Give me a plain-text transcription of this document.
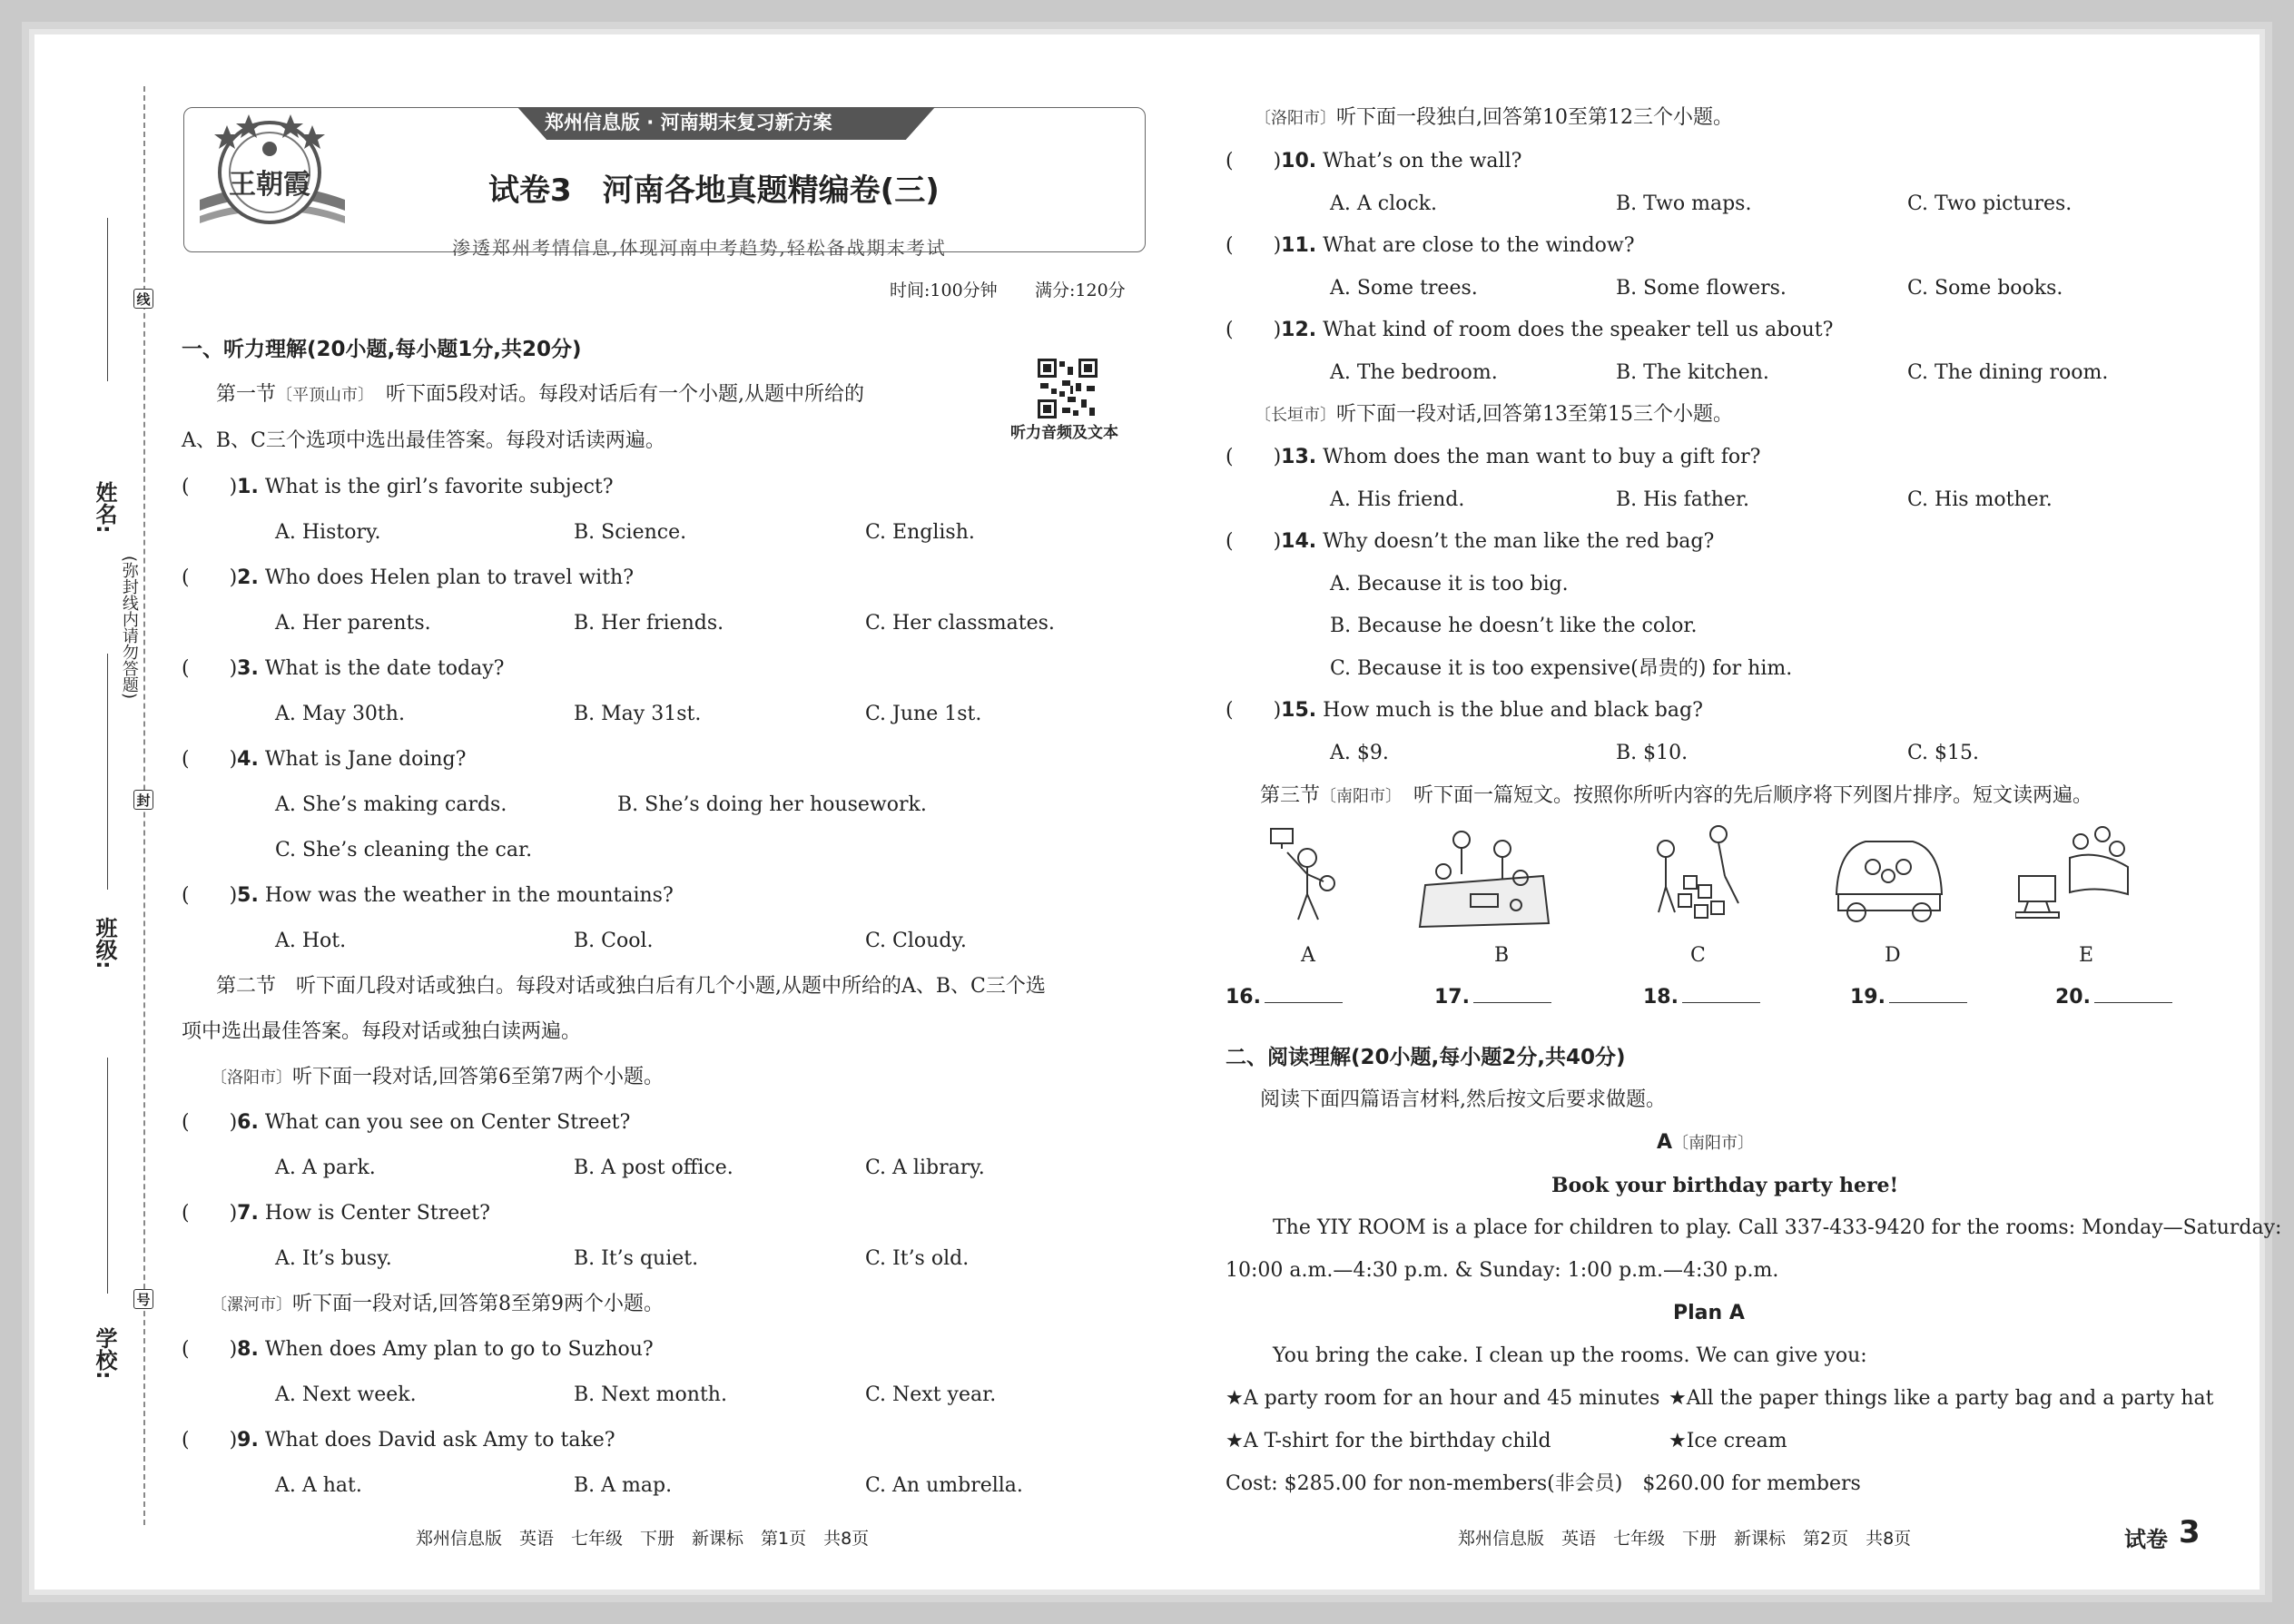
姓名:
班级:
学校:
线
封
号
(弥封线内请勿答题)
王朝霞
郑州信息版 · 河南期末复习新方案
试卷3　河南各地真题精编卷(三)
渗透郑州考情信息,体现河南中考趋势,轻松备战期末考试
时间:100分钟 满分:120分
一、听力理解(20小题,每小题1分,共20分)
第一节〔平顶山市〕　 听下面5段对话。每段对话后有一个小题,从题中所给的
A、B、C三个选项中选出最佳答案。每段对话读两遍。	听力音频及文本
(　　)1. What is the girl’s favorite subject?
A. History.	B. Science.	C. English.
(　　)2. Who does Helen plan to travel with?
A. Her parents.	B. Her friends.	C. Her classmates.
(　　)3. What is the date today?
A. May 30th.	B. May 31st.	C. June 1st.
(　　)4. What is Jane doing?
A. She’s making cards.	B. She’s doing her housework.
C. She’s cleaning the car.
(　　)5. How was the weather in the mountains?
A. Hot.	B. Cool.	C. Cloudy.
第二节　听下面几段对话或独白。每段对话或独白后有几个小题,从题中所给的A、B、C三个选
项中选出最佳答案。每段对话或独白读两遍。
〔洛阳市〕听下面一段对话,回答第6至第7两个小题。
(　　)6. What can you see on Center Street?
A. A park.	B. A post office.	C. A library.
(　　)7. How is Center Street?
A. It’s busy.	B. It’s quiet.	C. It’s old.
〔漯河市〕听下面一段对话,回答第8至第9两个小题。
(　　)8. When does Amy plan to go to Suzhou?
A. Next week.	B. Next month.	C. Next year.
(　　)9. What does David ask Amy to take?
A. A hat.	B. A map.	C. An umbrella.
〔洛阳市〕听下面一段独白,回答第10至第12三个小题。
(　　)10. What’s on the wall?
A. A clock.	B. Two maps.	C. Two pictures.
(　　)11. What are close to the window?
A. Some trees.	B. Some flowers.	C. Some books.
(　　)12. What kind of room does the speaker tell us about?
A. The bedroom.	B. The kitchen.	C. The dining room.
〔长垣市〕听下面一段对话,回答第13至第15三个小题。
(　　)13. Whom does the man want to buy a gift for?
A. His friend.	B. His father.	C. His mother.
(　　)14. Why doesn’t the man like the red bag?
A. Because it is too big.
B. Because he doesn’t like the color.
C. Because it is too expensive(昂贵的) for him.
(　　)15. How much is the blue and black bag?
A. $9.	B. $10.	C. $15.
第三节〔南阳市〕　 听下面一篇短文。按照你所听内容的先后顺序将下列图片排序。短文读两遍。
A	B	C	D	E
16.	17.	18.	19.	20.
二、阅读理解(20小题,每小题2分,共40分)
阅读下面四篇语言材料,然后按文后要求做题。
A〔南阳市〕
Book your birthday party here!
The YIY ROOM is a place for children to play. Call 337-433-9420 for the rooms: Monday—Saturday:
10:00 a.m.—4:30 p.m. & Sunday: 1:00 p.m.—4:30 p.m.
Plan A
You bring the cake. I clean up the rooms. We can give you:
★A party room for an hour and 45 minutes ★All the paper things like a party bag and a party hat
★A T-shirt for the birthday child	★Ice cream
Cost: $285.00 for non-members(非会员)　$260.00 for members
郑州信息版　英语　七年级　下册　新课标　第1页　共8页	郑州信息版　英语　七年级　下册　新课标　第2页　共8页	试卷 3
